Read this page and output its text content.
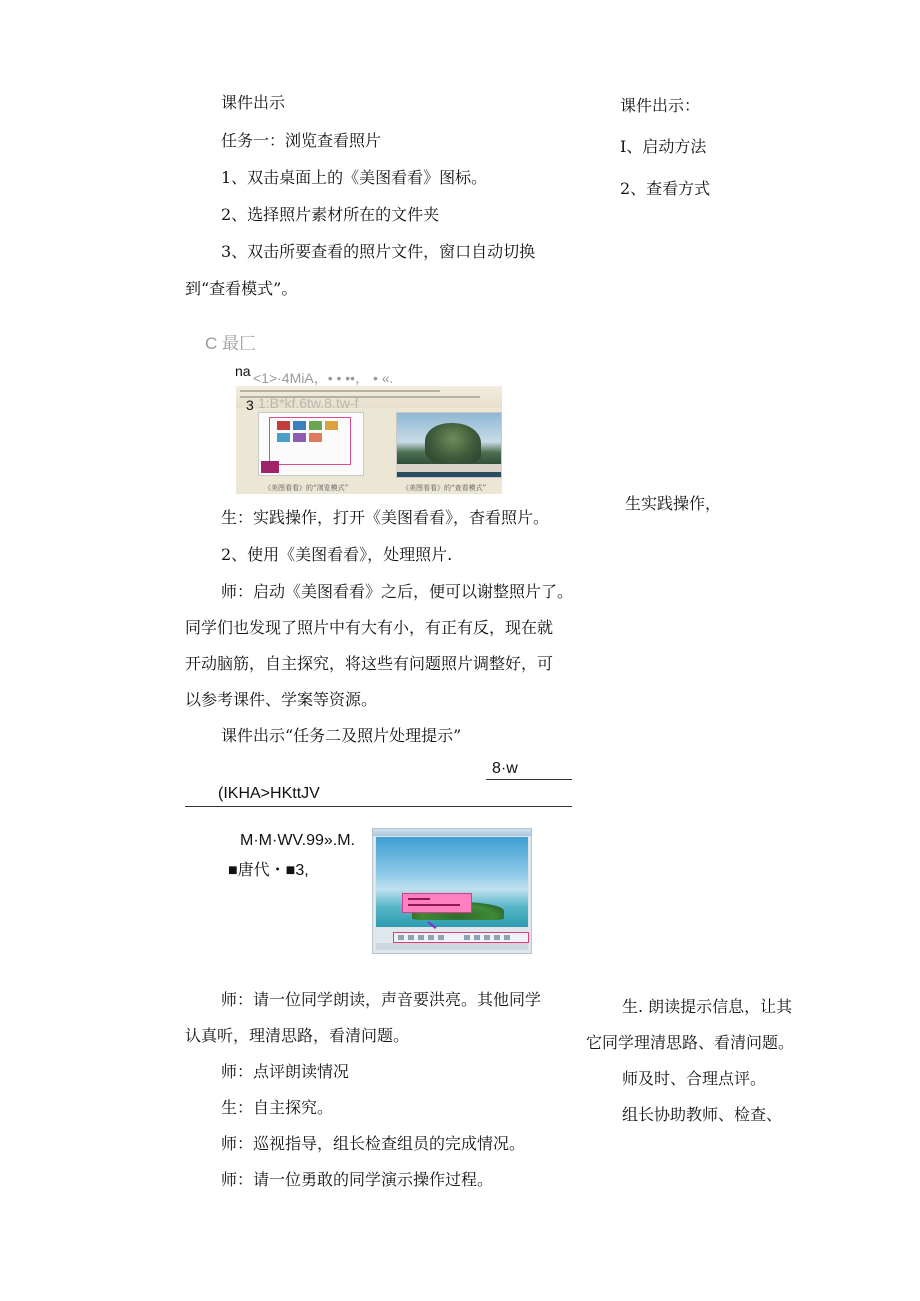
课件出示
任务一：浏览查看照片
1、双击桌面上的《美图看看》图标。
2、选择照片素材所在的文件夹
3、双击所要查看的照片文件，窗口自动切换
到“查看模式”。
C 最匚
na <1>·4MiA，• • ••， • «.
《美图看看》的“浏览模式”	《美图看看》的“查看模式”
3 1:B*kf.6tw.8.tw-f
生：实践操作，打开《美图看看》，杳看照片。
2、使用《美图看看》，处理照片.
师：启动《美图看看》之后，便可以谢整照片了。
同学们也发现了照片中有大有小，有正有反，现在就
开动脑筋，自主探究，将这些有问题照片调整好，可
以参考课件、学案等资源。
课件出示“任务二及照片处理提示”
8·w
(IKHA>HKttJV
M·M·WV.99».M.
■唐代・■3,
师：请一位同学朗读，声音要洪亮。其他同学
认真听，理清思路，看清问题。
师：点评朗读情况
生：自主探究。
师：巡视指导，组长检查组员的完成情况。
师：请一位勇敢的同学演示操作过程。
课件出示：
I、启动方法
2、查看方式
生实践操作，
生. 朗读提示信息，让其
它同学理清思路、看清问题。
师及时、合理点评。
组长协助教师、检查、
